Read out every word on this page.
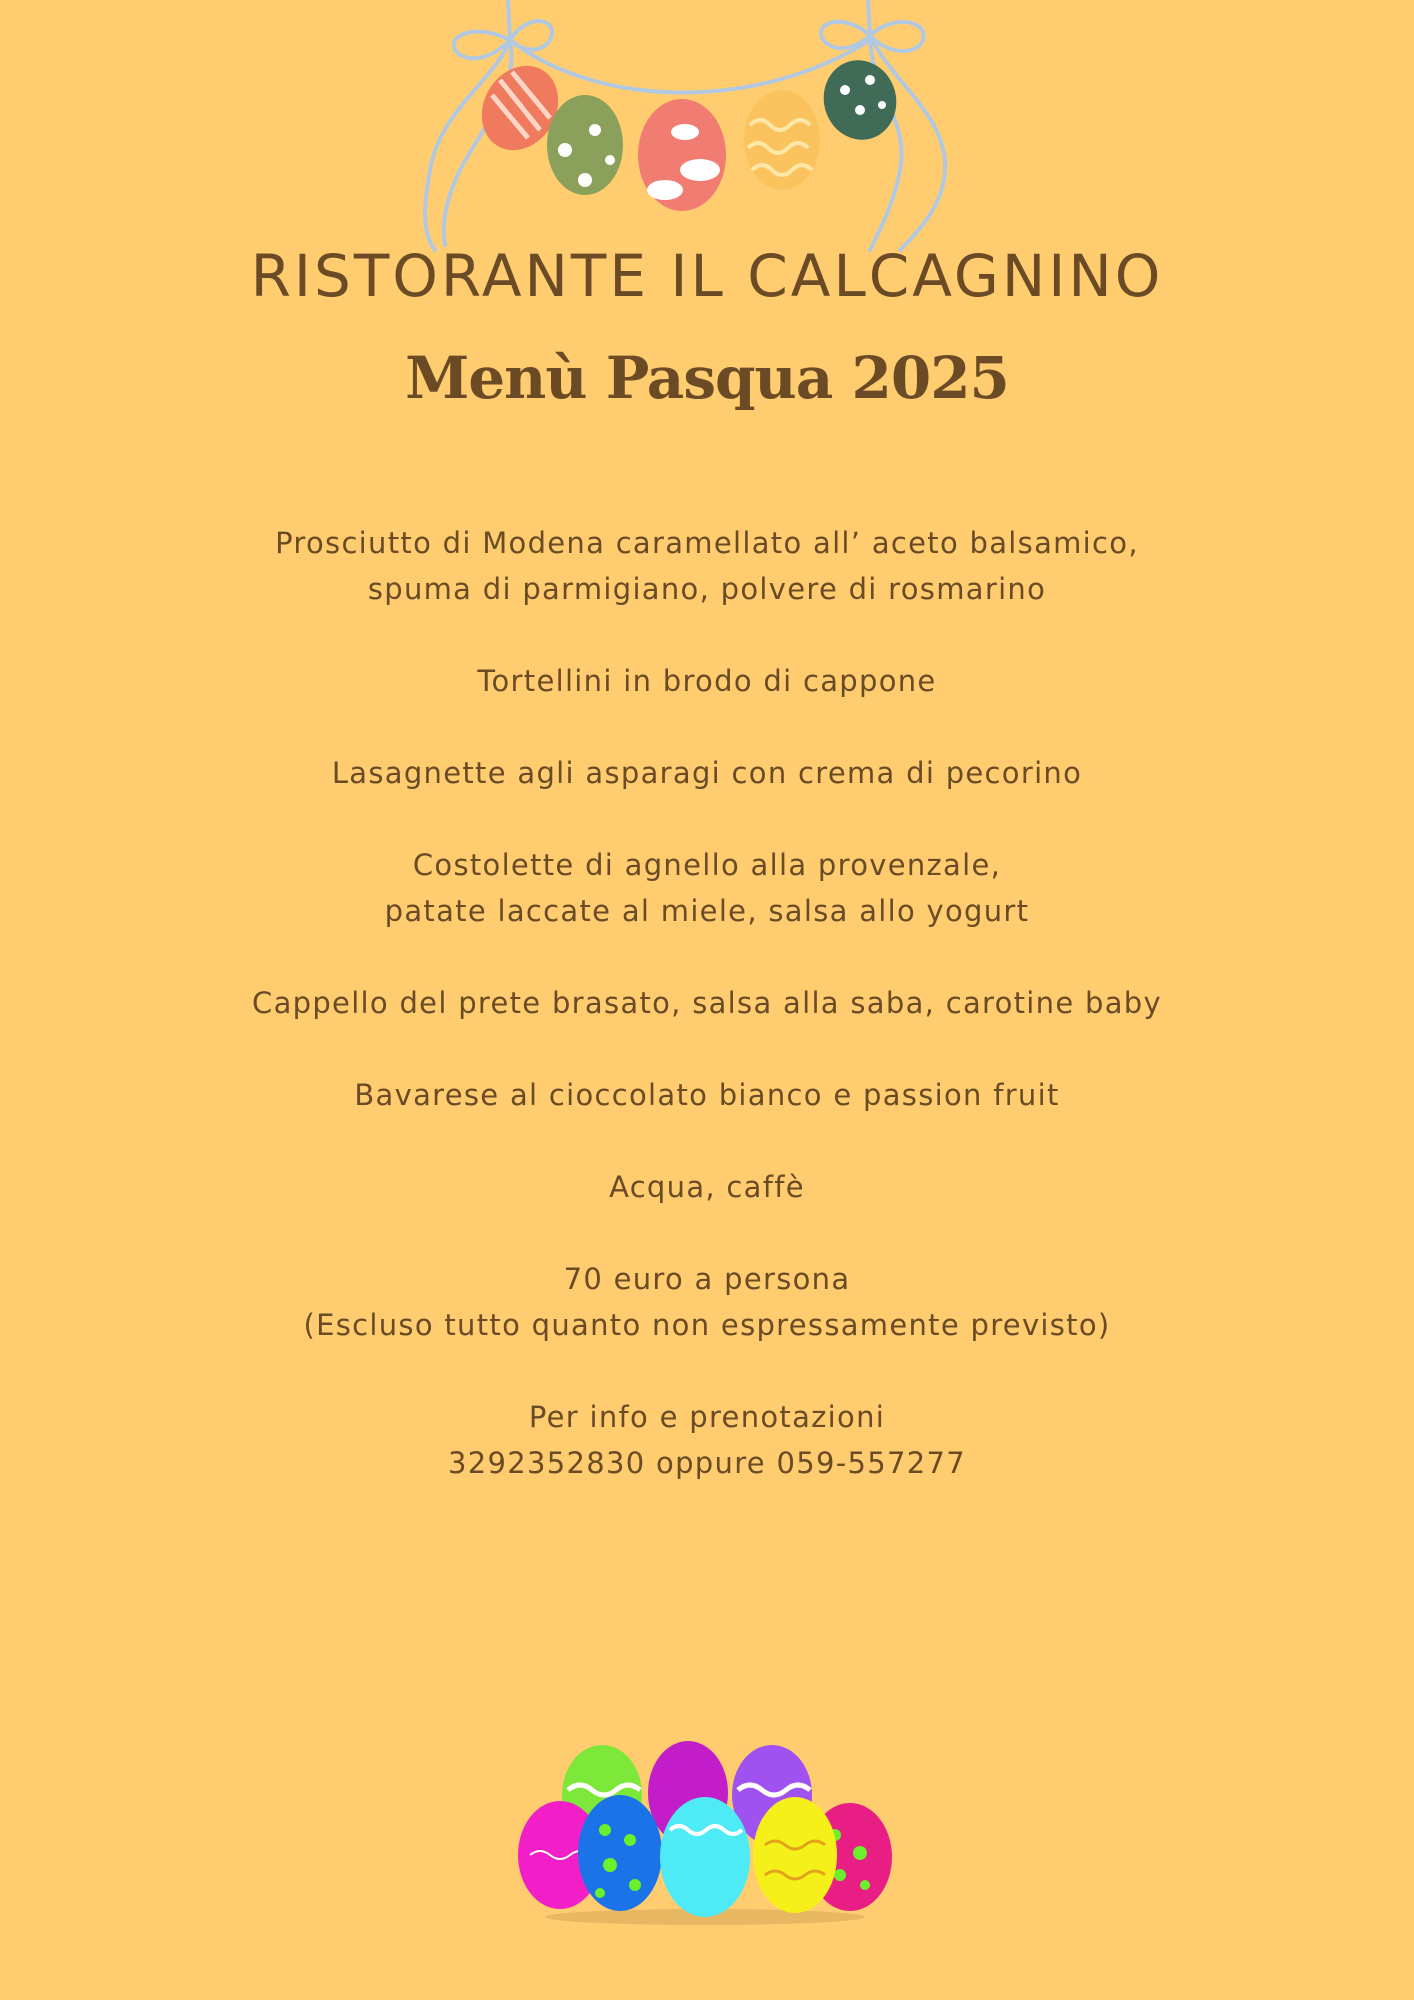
RISTORANTE IL CALCAGNINO
Menù Pasqua 2025

Prosciutto di Modena caramellato all’ aceto balsamico,
spuma di parmigiano, polvere di rosmarino

Tortellini in brodo di cappone

Lasagnette agli asparagi con crema di pecorino

Costolette di agnello alla provenzale,
patate laccate al miele, salsa allo yogurt

Cappello del prete brasato, salsa alla saba, carotine baby

Bavarese al cioccolato bianco e passion fruit

Acqua, caffè

70 euro a persona
(Escluso tutto quanto non espressamente previsto)

Per info e prenotazioni
3292352830 oppure 059-557277
